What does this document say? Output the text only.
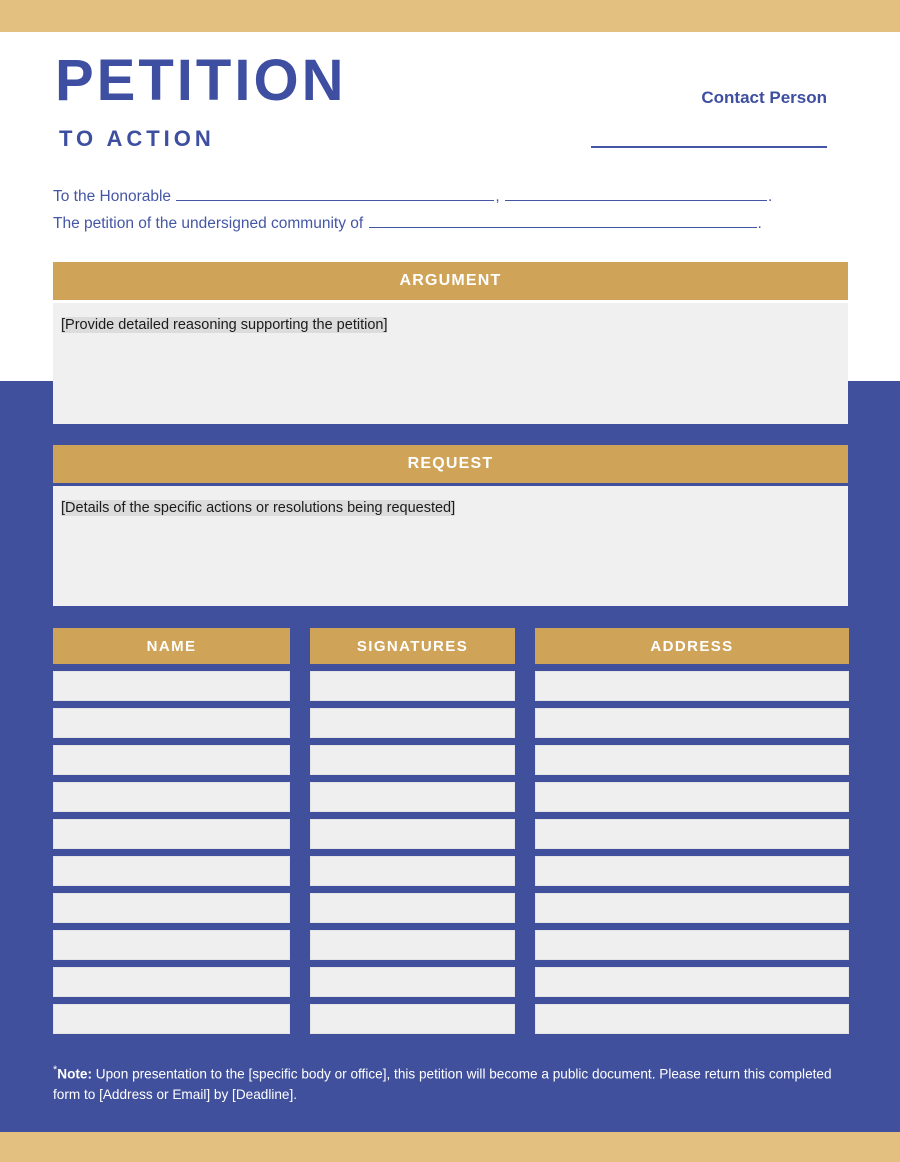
PETITION
TO ACTION
Contact Person
To the Honorable	,	.
The petition of the undersigned community of	.
ARGUMENT
[Provide detailed reasoning supporting the petition]
REQUEST
[Details of the specific actions or resolutions being requested]
NAME	SIGNATURES	ADDRESS
*Note: Upon presentation to the [specific body or office], this petition will become a public document. Please return this completed form to [Address or Email] by [Deadline].
